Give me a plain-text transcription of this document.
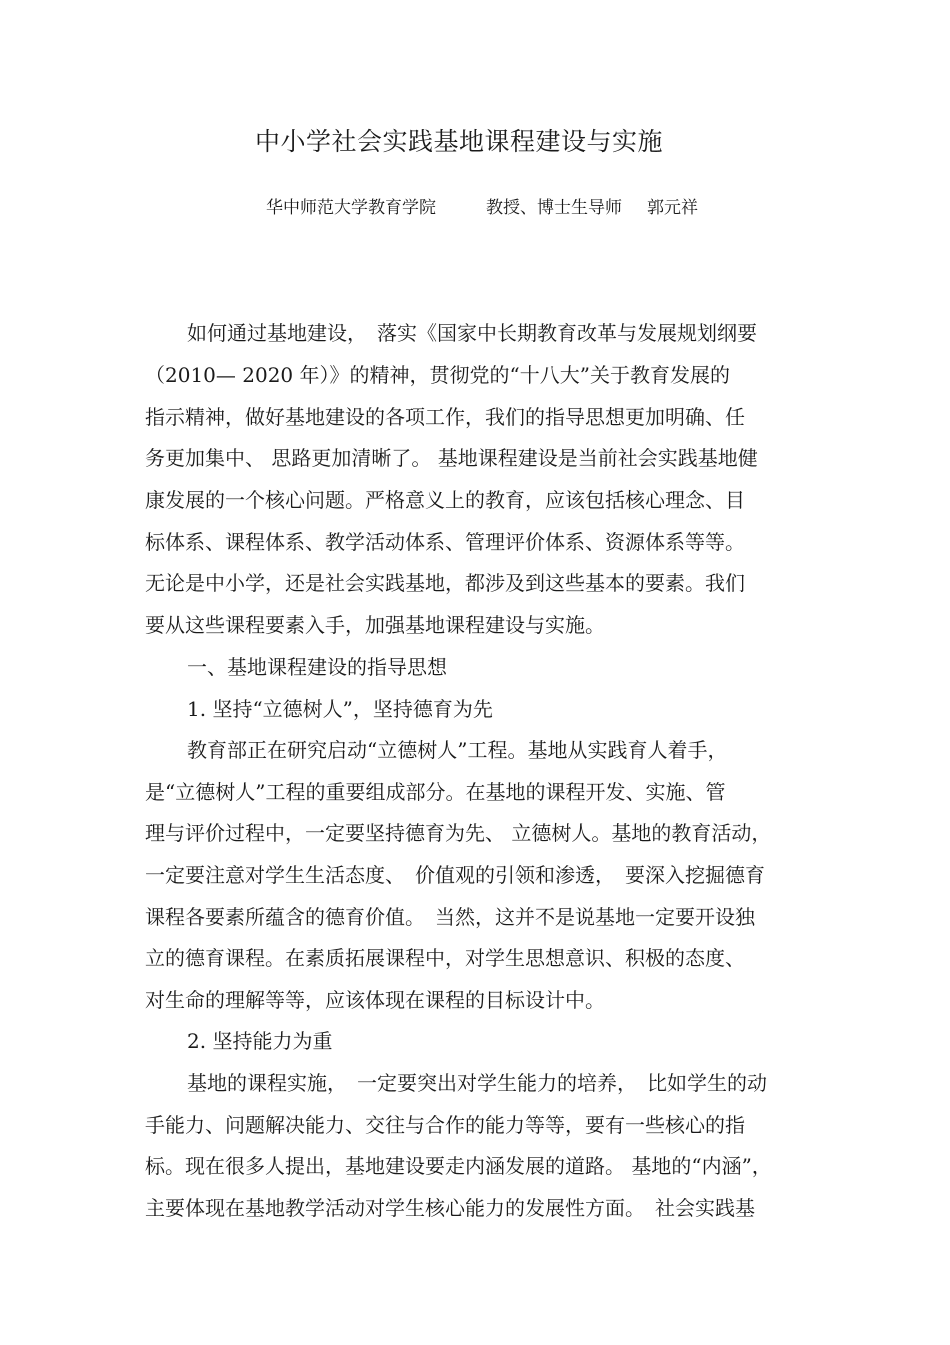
中小学社会实践基地课程建设与实施
华中师范大学教育学院	教授、博士生导师 郭元祥
如何通过基地建设，　落实《国家中长期教育改革与发展规划纲要
（2010— 2020 年）》的精神，贯彻党的“十八大”关于教育发展的
指示精神，做好基地建设的各项工作，我们的指导思想更加明确、任
务更加集中、 思路更加清晰了。 基地课程建设是当前社会实践基地健
康发展的一个核心问题。严格意义上的教育，应该包括核心理念、目
标体系、课程体系、教学活动体系、管理评价体系、资源体系等等。
无论是中小学，还是社会实践基地，都涉及到这些基本的要素。我们
要从这些课程要素入手，加强基地课程建设与实施。
一、基地课程建设的指导思想
1. 坚持“立德树人”，坚持德育为先
教育部正在研究启动“立德树人”工程。基地从实践育人着手，
是“立德树人”工程的重要组成部分。在基地的课程开发、实施、管
理与评价过程中，一定要坚持德育为先、 立德树人。基地的教育活动，
一定要注意对学生生活态度、　价值观的引领和渗透，　要深入挖掘德育
课程各要素所蕴含的德育价值。　当然，这并不是说基地一定要开设独
立的德育课程。在素质拓展课程中，对学生思想意识、积极的态度、
对生命的理解等等，应该体现在课程的目标设计中。
2. 坚持能力为重
基地的课程实施，　一定要突出对学生能力的培养，　比如学生的动
手能力、问题解决能力、交往与合作的能力等等，要有一些核心的指
标。现在很多人提出，基地建设要走内涵发展的道路。 基地的“内涵”，
主要体现在基地教学活动对学生核心能力的发展性方面。　社会实践基
